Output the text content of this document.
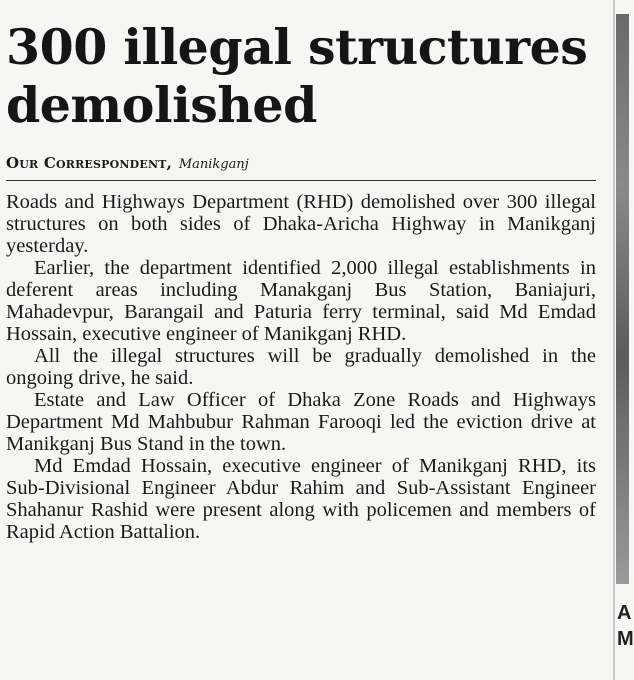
300 illegal structures
demolished
Our Correspondent, Manikganj

Roads and Highways Department (RHD) demolished over 300 illegal structures on both sides of Dhaka-Aricha Highway in Manikganj yesterday.

Earlier, the department identified 2,000 illegal establishments in deferent areas including Manakganj Bus Station, Baniajuri, Mahadevpur, Barangail and Paturia ferry terminal, said Md Emdad Hossain, executive engineer of Manikganj RHD.

All the illegal structures will be gradually demolished in the ongoing drive, he said.

Estate and Law Officer of Dhaka Zone Roads and Highways Department Md Mahbubur Rahman Farooqi led the eviction drive at Manikganj Bus Stand in the town.

Md Emdad Hossain, executive engineer of Manikganj RHD, its Sub-Divisional Engineer Abdur Rahim and Sub-Assistant Engineer Shahanur Rashid were present along with policemen and members of Rapid Action Battalion.

A
M
